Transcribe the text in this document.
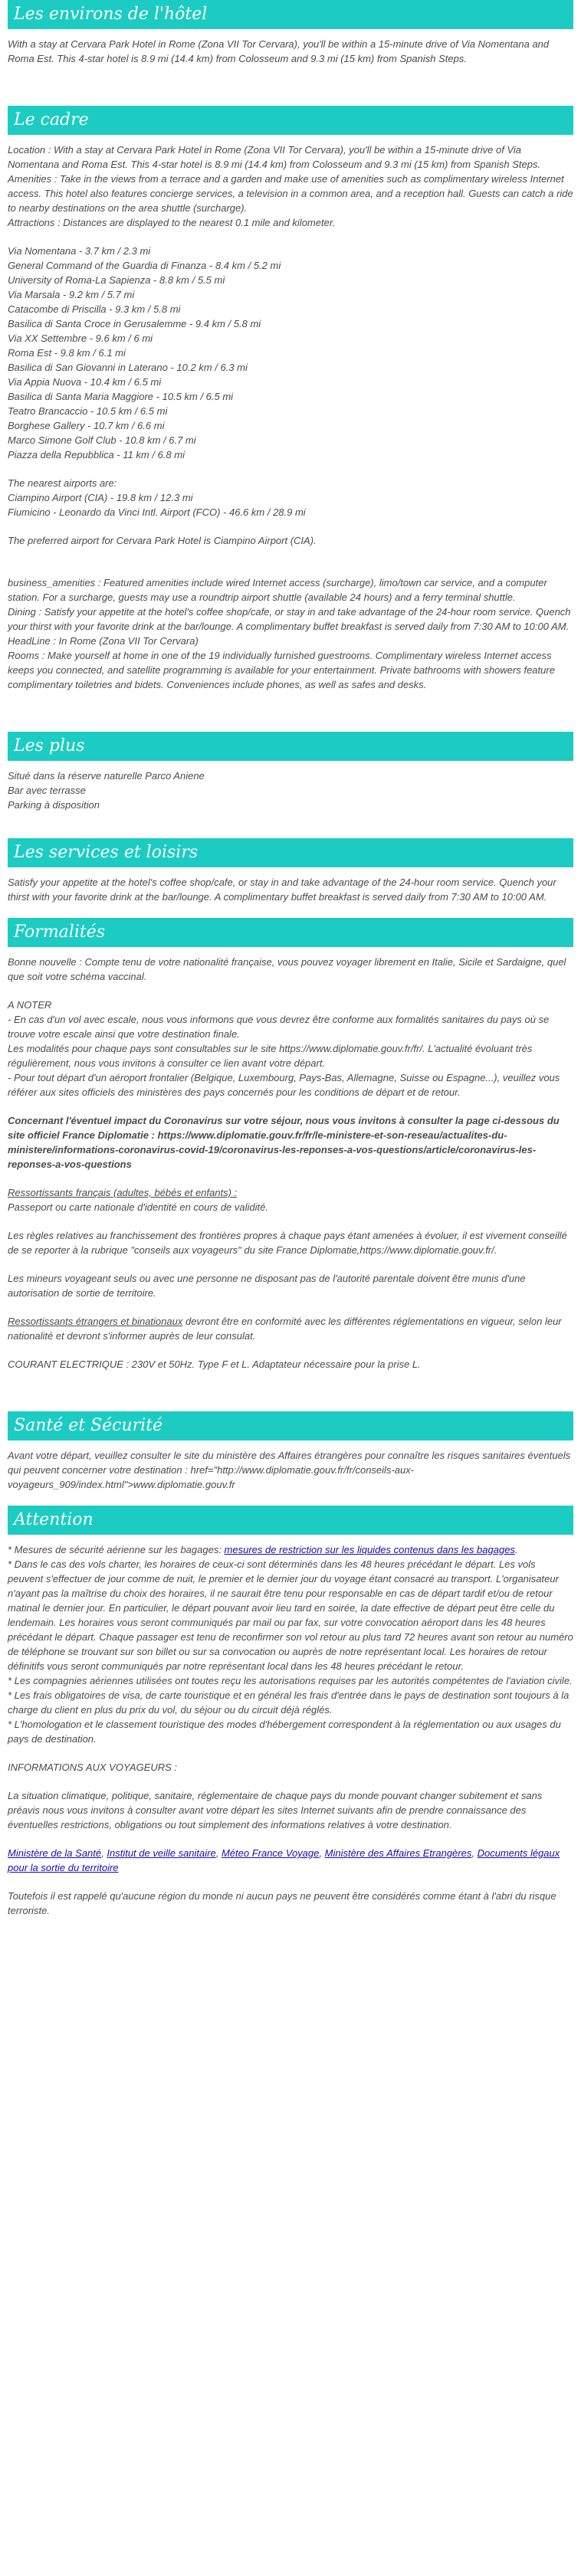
Les environs de l'hôtel

With a stay at Cervara Park Hotel in Rome (Zona VII Tor Cervara), you'll be within a 15-minute drive of Via Nomentana and Roma Est. This 4-star hotel is 8.9 mi (14.4 km) from Colosseum and 9.3 mi (15 km) from Spanish Steps.

Le cadre
Location : With a stay at Cervara Park Hotel in Rome (Zona VII Tor Cervara), you'll be within a 15-minute drive of Via Nomentana and Roma Est. This 4-star hotel is 8.9 mi (14.4 km) from Colosseum and 9.3 mi (15 km) from Spanish Steps.
Amenities : Take in the views from a terrace and a garden and make use of amenities such as complimentary wireless Internet access. This hotel also features concierge services, a television in a common area, and a reception hall. Guests can catch a ride to nearby destinations on the area shuttle (surcharge).
Attractions : Distances are displayed to the nearest 0.1 mile and kilometer.
Via Nomentana - 3.7 km / 2.3 mi
General Command of the Guardia di Finanza - 8.4 km / 5.2 mi
University of Roma-La Sapienza - 8.8 km / 5.5 mi
Via Marsala - 9.2 km / 5.7 mi
Catacombe di Priscilla - 9.3 km / 5.8 mi
Basilica di Santa Croce in Gerusalemme - 9.4 km / 5.8 mi
Via XX Settembre - 9.6 km / 6 mi
Roma Est - 9.8 km / 6.1 mi
Basilica di San Giovanni in Laterano - 10.2 km / 6.3 mi
Via Appia Nuova - 10.4 km / 6.5 mi
Basilica di Santa Maria Maggiore - 10.5 km / 6.5 mi
Teatro Brancaccio - 10.5 km / 6.5 mi
Borghese Gallery - 10.7 km / 6.6 mi
Marco Simone Golf Club - 10.8 km / 6.7 mi
Piazza della Repubblica - 11 km / 6.8 mi
The nearest airports are:
Ciampino Airport (CIA) - 19.8 km / 12.3 mi
Fiumicino - Leonardo da Vinci Intl. Airport (FCO) - 46.6 km / 28.9 mi

The preferred airport for Cervara Park Hotel is Ciampino Airport (CIA).

business_amenities : Featured amenities include wired Internet access (surcharge), limo/town car service, and a computer station. For a surcharge, guests may use a roundtrip airport shuttle (available 24 hours) and a ferry terminal shuttle.
Dining : Satisfy your appetite at the hotel's coffee shop/cafe, or stay in and take advantage of the 24-hour room service. Quench your thirst with your favorite drink at the bar/lounge. A complimentary buffet breakfast is served daily from 7:30 AM to 10:00 AM.
HeadLine : In Rome (Zona VII Tor Cervara)
Rooms : Make yourself at home in one of the 19 individually furnished guestrooms. Complimentary wireless Internet access keeps you connected, and satellite programming is available for your entertainment. Private bathrooms with showers feature complimentary toiletries and bidets. Conveniences include phones, as well as safes and desks.
Les plus
Situé dans la réserve naturelle Parco Aniene
Bar avec terrasse
Parking à disposition
Les services et loisirs

Satisfy your appetite at the hotel's coffee shop/cafe, or stay in and take advantage of the 24-hour room service. Quench your thirst with your favorite drink at the bar/lounge. A complimentary buffet breakfast is served daily from 7:30 AM to 10:00 AM.

Formalités

Bonne nouvelle : Compte tenu de votre nationalité française, vous pouvez voyager librement en Italie, Sicile et Sardaigne, quel que soit votre schéma vaccinal.

A NOTER
- En cas d'un vol avec escale, nous vous informons que vous devrez être conforme aux formalités sanitaires du pays où se trouve votre escale ainsi que votre destination finale.
Les modalités pour chaque pays sont consultables sur le site https://www.diplomatie.gouv.fr/fr/. L'actualité évoluant très régulièrement, nous vous invitons à consulter ce lien avant votre départ.
- Pour tout départ d'un aéroport frontalier (Belgique, Luxembourg, Pays-Bas, Allemagne, Suisse ou Espagne...), veuillez vous référer aux sites officiels des ministères des pays concernés pour les conditions de départ et de retour.

Concernant l'éventuel impact du Coronavirus sur votre séjour, nous vous invitons à consulter la page ci-dessous du site officiel France Diplomatie : https://www.diplomatie.gouv.fr/fr/le-ministere-et-son-reseau/actualites-du-ministere/informations-coronavirus-covid-19/coronavirus-les-reponses-a-vos-questions/article/coronavirus-les-reponses-a-vos-questions

Ressortissants français (adultes, bébés et enfants) :
Passeport ou carte nationale d'identité en cours de validité.

Les règles relatives au franchissement des frontières propres à chaque pays étant amenées à évoluer, il est vivement conseillé de se reporter à la rubrique "conseils aux voyageurs" du site France Diplomatie,https://www.diplomatie.gouv.fr/.

Les mineurs voyageant seuls ou avec une personne ne disposant pas de l'autorité parentale doivent être munis d'une autorisation de sortie de territoire.

Ressortissants étrangers et binationaux devront être en conformité avec les différentes réglementations en vigueur, selon leur nationalité et devront s'informer auprès de leur consulat.

COURANT ELECTRIQUE : 230V et 50Hz. Type F et L. Adaptateur nécessaire pour la prise L.

Santé et Sécurité

Avant votre départ, veuillez consulter le site du ministère des Affaires étrangères pour connaître les risques sanitaires éventuels qui peuvent concerner votre destination : href="http://www.diplomatie.gouv.fr/fr/conseils-aux-voyageurs_909/index.html">www.diplomatie.gouv.fr

Attention
* Mesures de sécurité aérienne sur les bagages: mesures de restriction sur les liquides contenus dans les bagages.
* Dans le cas des vols charter, les horaires de ceux-ci sont déterminés dans les 48 heures précédant le départ. Les vols peuvent s'effectuer de jour comme de nuit, le premier et le dernier jour du voyage étant consacré au transport. L'organisateur n'ayant pas la maîtrise du choix des horaires, il ne saurait être tenu pour responsable en cas de départ tardif et/ou de retour matinal le dernier jour. En particulier, le départ pouvant avoir lieu tard en soirée, la date effective de départ peut être celle du lendemain. Les horaires vous seront communiqués par mail ou par fax, sur votre convocation aéroport dans les 48 heures précédant le départ. Chaque passager est tenu de reconfirmer son vol retour au plus tard 72 heures avant son retour au numéro de téléphone se trouvant sur son billet ou sur sa convocation ou auprès de notre représentant local. Les horaires de retour définitifs vous seront communiqués par notre représentant local dans les 48 heures précédant le retour.
* Les compagnies aériennes utilisées ont toutes reçu les autorisations requises par les autorités compétentes de l'aviation civile.
* Les frais obligatoires de visa, de carte touristique et en général les frais d'entrée dans le pays de destination sont toujours à la charge du client en plus du prix du vol, du séjour ou du circuit déjà réglés.
* L'homologation et le classement touristique des modes d'hébergement correspondent à la réglementation ou aux usages du pays de destination.

INFORMATIONS AUX VOYAGEURS :

La situation climatique, politique, sanitaire, réglementaire de chaque pays du monde pouvant changer subitement et sans préavis nous vous invitons à consulter avant votre départ les sites Internet suivants afin de prendre connaissance des éventuelles restrictions, obligations ou tout simplement des informations relatives à votre destination.

Ministère de la Santé, Institut de veille sanitaire, Méteo France Voyage, Ministère des Affaires Etrangères, Documents légaux pour la sortie du territoire

Toutefois il est rappelé qu'aucune région du monde ni aucun pays ne peuvent être considérés comme étant à l'abri du risque terroriste.
